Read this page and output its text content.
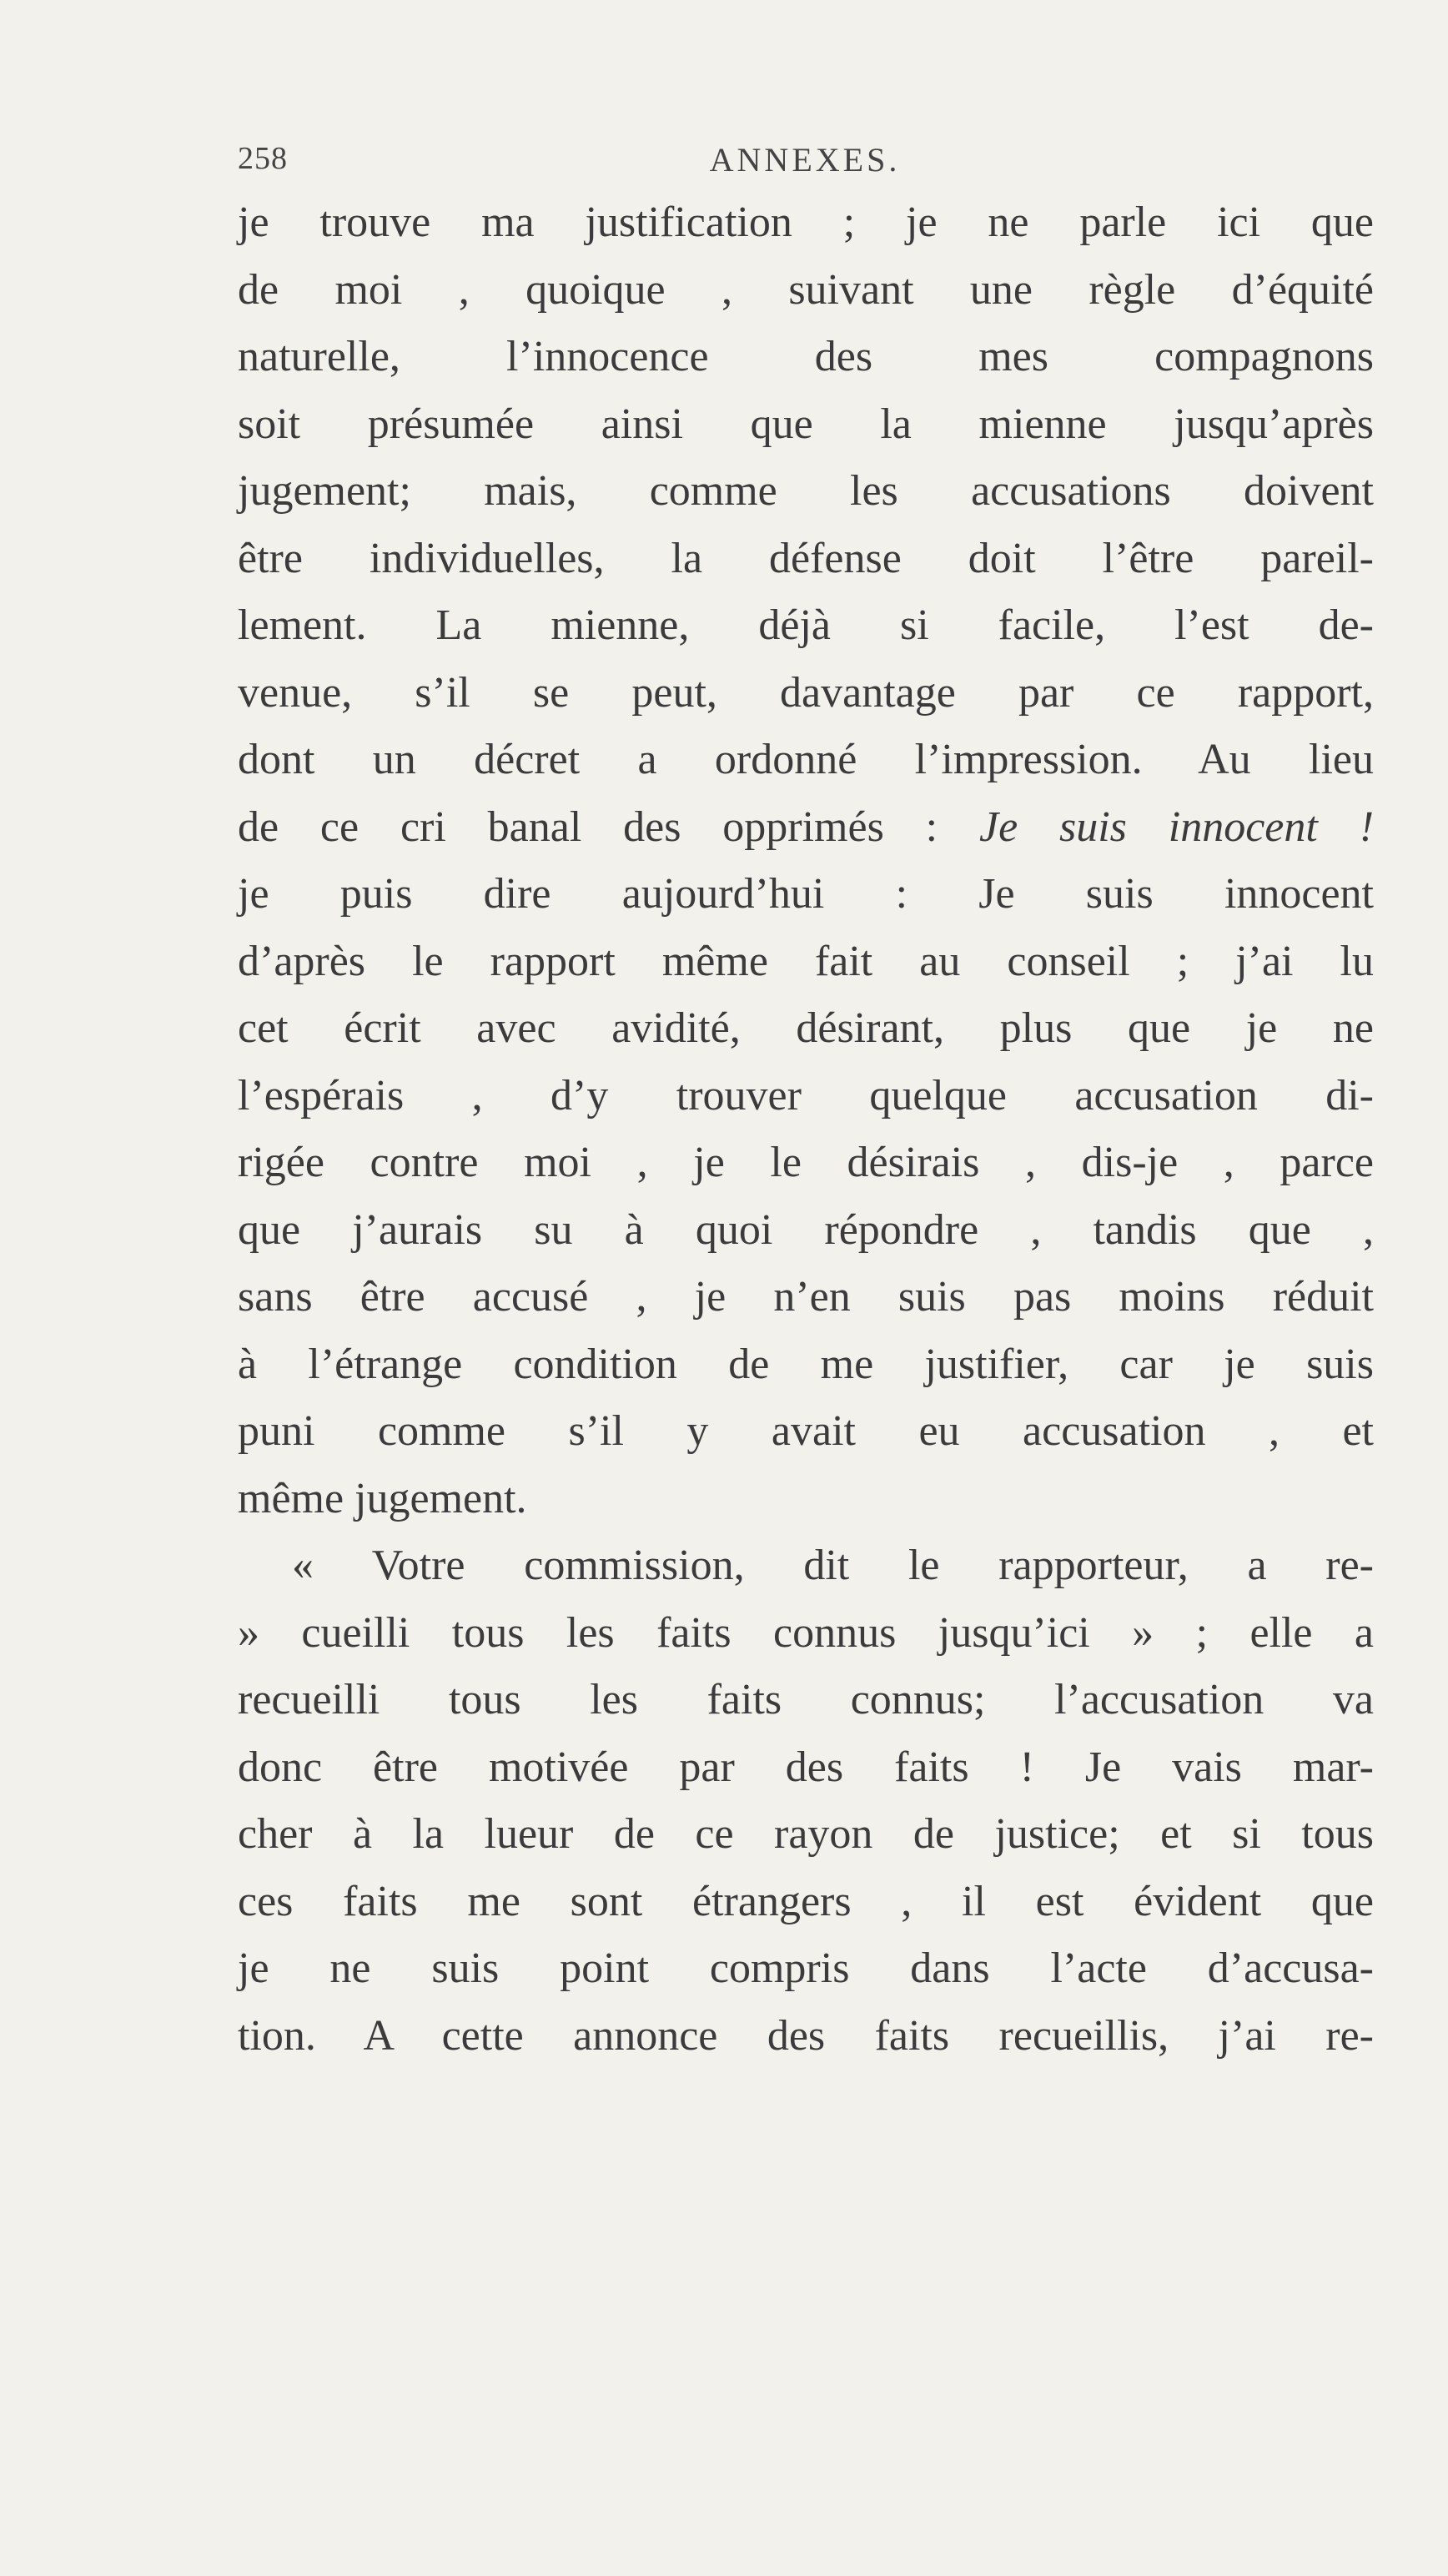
258	ANNEXES.
je trouve ma justification ; je ne parle ici que
de moi , quoique , suivant une règle d’équité
naturelle, l’innocence des mes compagnons
soit présumée ainsi que la mienne jusqu’après
jugement; mais, comme les accusations doivent
être individuelles, la défense doit l’être pareil-
lement. La mienne, déjà si facile, l’est de-
venue, s’il se peut, davantage par ce rapport,
dont un décret a ordonné l’impression. Au lieu
de ce cri banal des opprimés : Je suis innocent !
je puis dire aujourd’hui : Je suis innocent
d’après le rapport même fait au conseil ; j’ai lu
cet écrit avec avidité, désirant, plus que je ne
l’espérais , d’y trouver quelque accusation di-
rigée contre moi , je le désirais , dis-je , parce
que j’aurais su à quoi répondre , tandis que ,
sans être accusé , je n’en suis pas moins réduit
à l’étrange condition de me justifier, car je suis
puni comme s’il y avait eu accusation , et
même jugement.
« Votre commission, dit le rapporteur, a re-
» cueilli tous les faits connus jusqu’ici » ; elle a
recueilli tous les faits connus; l’accusation va
donc être motivée par des faits ! Je vais mar-
cher à la lueur de ce rayon de justice; et si tous
ces faits me sont étrangers , il est évident que
je ne suis point compris dans l’acte d’accusa-
tion. A cette annonce des faits recueillis, j’ai re-
